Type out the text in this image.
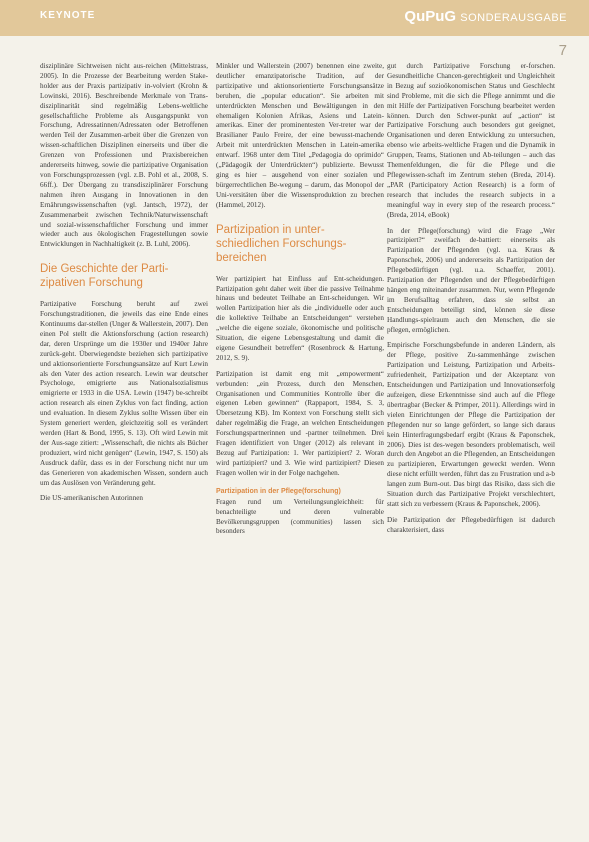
KEYNOTE	QuPuG SONDERAUSGABE
7

disziplinäre Sichtweisen nicht aus-reichen (Mittelstrass, 2005). In die Prozesse der Bearbeitung werden Stake-holder aus der Praxis partizipativ in-volviert (Krohn & Lowinski, 2016). Beschreibende Merkmale von Trans-disziplinarität sind regelmäßig Lebens-weltliche gesellschaftliche Probleme als Ausgangspunkt von Forschung, Adressatinnen/Adressaten oder Betroffenen werden Teil der Zusammen-arbeit über die Grenzen von wissen-schaftlichen Disziplinen einerseits und über die Grenzen von Professionen und Praxisbereichen andererseits hinweg, sowie die partizipative Organisation von Forschungsprozessen (vgl. z.B. Pohl et al., 2008, S. 66ff.). Der Übergang zu transdisziplinärer Forschung nahmen ihren Ausgang in Innovationen in den Ernährungswissenschaften (vgl. Jantsch, 1972), der Zusammenarbeit zwischen Technik/Naturwissenschaft und sozial-wissenschaftlicher Forschung und immer wieder auch aus ökologischen Fragestellungen sowie Entwicklungen in Nachhaltigkeit (z. B. Luhl, 2006).

Die Geschichte der Parti-zipativen Forschung

Partizipative Forschung beruht auf zwei Forschungstraditionen, die jeweils das eine Ende eines Kontinuums dar-stellen (Unger & Wallerstein, 2007). Den einen Pol stellt die Aktionsforschung (action research) dar, deren Ursprünge um die 1930er und 1940er Jahre zurück-geht. Überwiegendste beziehen sich partizipative und aktionsorientierte Forschungsansätze auf Kurt Lewin als den Vater des action research. Lewin war deutscher Psychologe, emigrierte aus Nationalsozialismus emigrierte er 1933 in die USA. Lewin (1947) be-schreibt action research als einen Zyklus von fact finding, action und evaluation. In diesem Zyklus sollte Wissen über ein System generiert werden, gleichzeitig soll es verändert werden (Hart & Bond, 1995, S. 13). Oft wird Lewin mit der Aus-sage zitiert: „Wissenschaft, die nichts als Bücher produziert, wird nicht genügen“ (Lewin, 1947, S. 150) als Ausdruck dafür, dass es in der Forschung nicht nur um das Generieren von akademischen Wissen, sondern auch um das Auslösen von Veränderung geht.

Die US-amerikanischen Autorinnen

Minkler und Wallerstein (2007) benennen eine zweite, deutlicher emanzipatorische Tradition, auf der partizipative und aktionsorientierte Forschungsansätze beruhen, die „popular education“. Sie arbeiten mit unterdrückten Menschen und Bewältigungen in den ehemaligen Kolonien Afrikas, Asiens und Latein-amerikas. Einer der prominentesten Ver-treter war der Brasilianer Paulo Freire, der eine bewusst-machende Arbeit mit unterdrückten Menschen in Latein-amerika entwarf. 1968 unter dem Titel „Pedagogia do oprimido“ („Pädagogik der Unterdrückten“) publizierte. Bewusst ging es hier – ausgehend von einer sozialen und bürgerrechtlichen Be-wegung – darum, das Monopol der Uni-versitäten über die Wissensproduktion zu brechen (Hammel, 2012).

Partizipation in unter-schiedlichen Forschungs-bereichen

Wer partizipiert hat Einfluss auf Ent-scheidungen. Partizipation geht daher weit über die passive Teilnahme hinaus und bedeutet Teilhabe an Ent-scheidungen. Wir wollen Partizipation hier als die „individuelle oder auch die kollektive Teilhabe an Entscheidungen“ verstehen „welche die eigene soziale, ökonomische und politische Situation, die eigene Lebensgestaltung und damit die eigene Gesundheit betreffen“ (Rosenbrock & Hartung, 2012, S. 9).

Partizipation ist damit eng mit „empowerment“ verbunden: „ein Prozess, durch den Menschen, Organisationen und Communities Kontrolle über die eigenen Leben gewinnen“ (Rappaport, 1984, S. 3, Übersetzung KB). Im Kontext von Forschung stellt sich daher regelmäßig die Frage, an welchen Entscheidungen Forschungspartnerinnen und -partner teilnehmen. Drei Fragen identifiziert von Unger (2012) als relevant in Bezug auf Partizipation: 1. Wer partizipiert? 2. Woran wird partizipiert? und 3. Wie wird partizipiert? Diesen Fragen wollen wir in der Folge nachgehen.

Partizipation in der Pflege(forschung)

Fragen rund um Verteilungsungleichheit: für benachteiligte und deren vulnerable Bevölkerungsgruppen (communities) lassen sich besonders

gut durch Partizipative Forschung er-forschen. Gesundheitliche Chancen-gerechtigkeit und Ungleichheit in Bezug auf sozioökonomischen Status und Geschlecht sind Probleme, mit die sich die Pflege annimmt und die mit Hilfe der Partizipativen Forschung bearbeitet werden können. Durch den Schwer-punkt auf „action“ ist Partizipative Forschung auch besonders gut geeignet, Organisationen und deren Entwicklung zu untersuchen, ebenso wie arbeits-weltliche Fragen und die Dynamik in Gruppen, Teams, Stationen und Ab-teilungen – auch das Themenfeldungen, die für die Pflege und die Pflegewissen-schaft im Zentrum stehen (Breda, 2014). „PAR (Participatory Action Research) is a form of research that includes the research subjects in a meaningful way in every step of the research process.“ (Breda, 2014, eBook)

In der Pflege(forschung) wird die Frage „Wer partizipiert?“ zweifach de-battiert: einerseits als Partizipation der Pflegenden (vgl. u.a. Kraus & Paponschek, 2006) und andererseits als Partizipation der Pflegebedürftigen (vgl. u.a. Schaeffer, 2001). Partizipation der Pflegenden und der Pflegebedürftigen hängen eng miteinander zusammen. Nur, wenn Pflegende im Berufsalltag erfahren, dass sie selbst an Entscheidungen beteiligt sind, können sie diese Handlungs-spielraum auch den Menschen, die sie pflegen, ermöglichen.

Empirische Forschungsbefunde in anderen Ländern, als der Pflege, positive Zu-sammenhänge zwischen Partizipation und Leistung, Partizipation und Arbeits-zufriedenheit, Partizipation und der Akzeptanz von Entscheidungen und Partizipation und Innovationserfolg aufzeigen, diese Erkenntnisse sind auch auf die Pflege übertragbar (Becker & Primper, 2011). Allerdings wird in vielen Einrichtungen der Pflege die Partizipation der Pflegenden nur so lange gefördert, so lange sich daraus kein Hinterfragungsbedarf ergibt (Kraus & Paponschek, 2006). Dies ist des-wegen besonders problematisch, weil durch den Angebot an die Pflegenden, an Entscheidungen zu partizipieren, Erwartungen geweckt werden. Wenn diese nicht erfüllt werden, führt das zu Frustration und a-b langen zum Burn-out. Das birgt das Risiko, dass sich die Situation durch das Partizipative Projekt verschlechtert, statt sich zu verbessern (Kraus & Paponschek, 2006).

Die Partizipation der Pflegebedürftigen ist dadurch charakterisiert, dass
